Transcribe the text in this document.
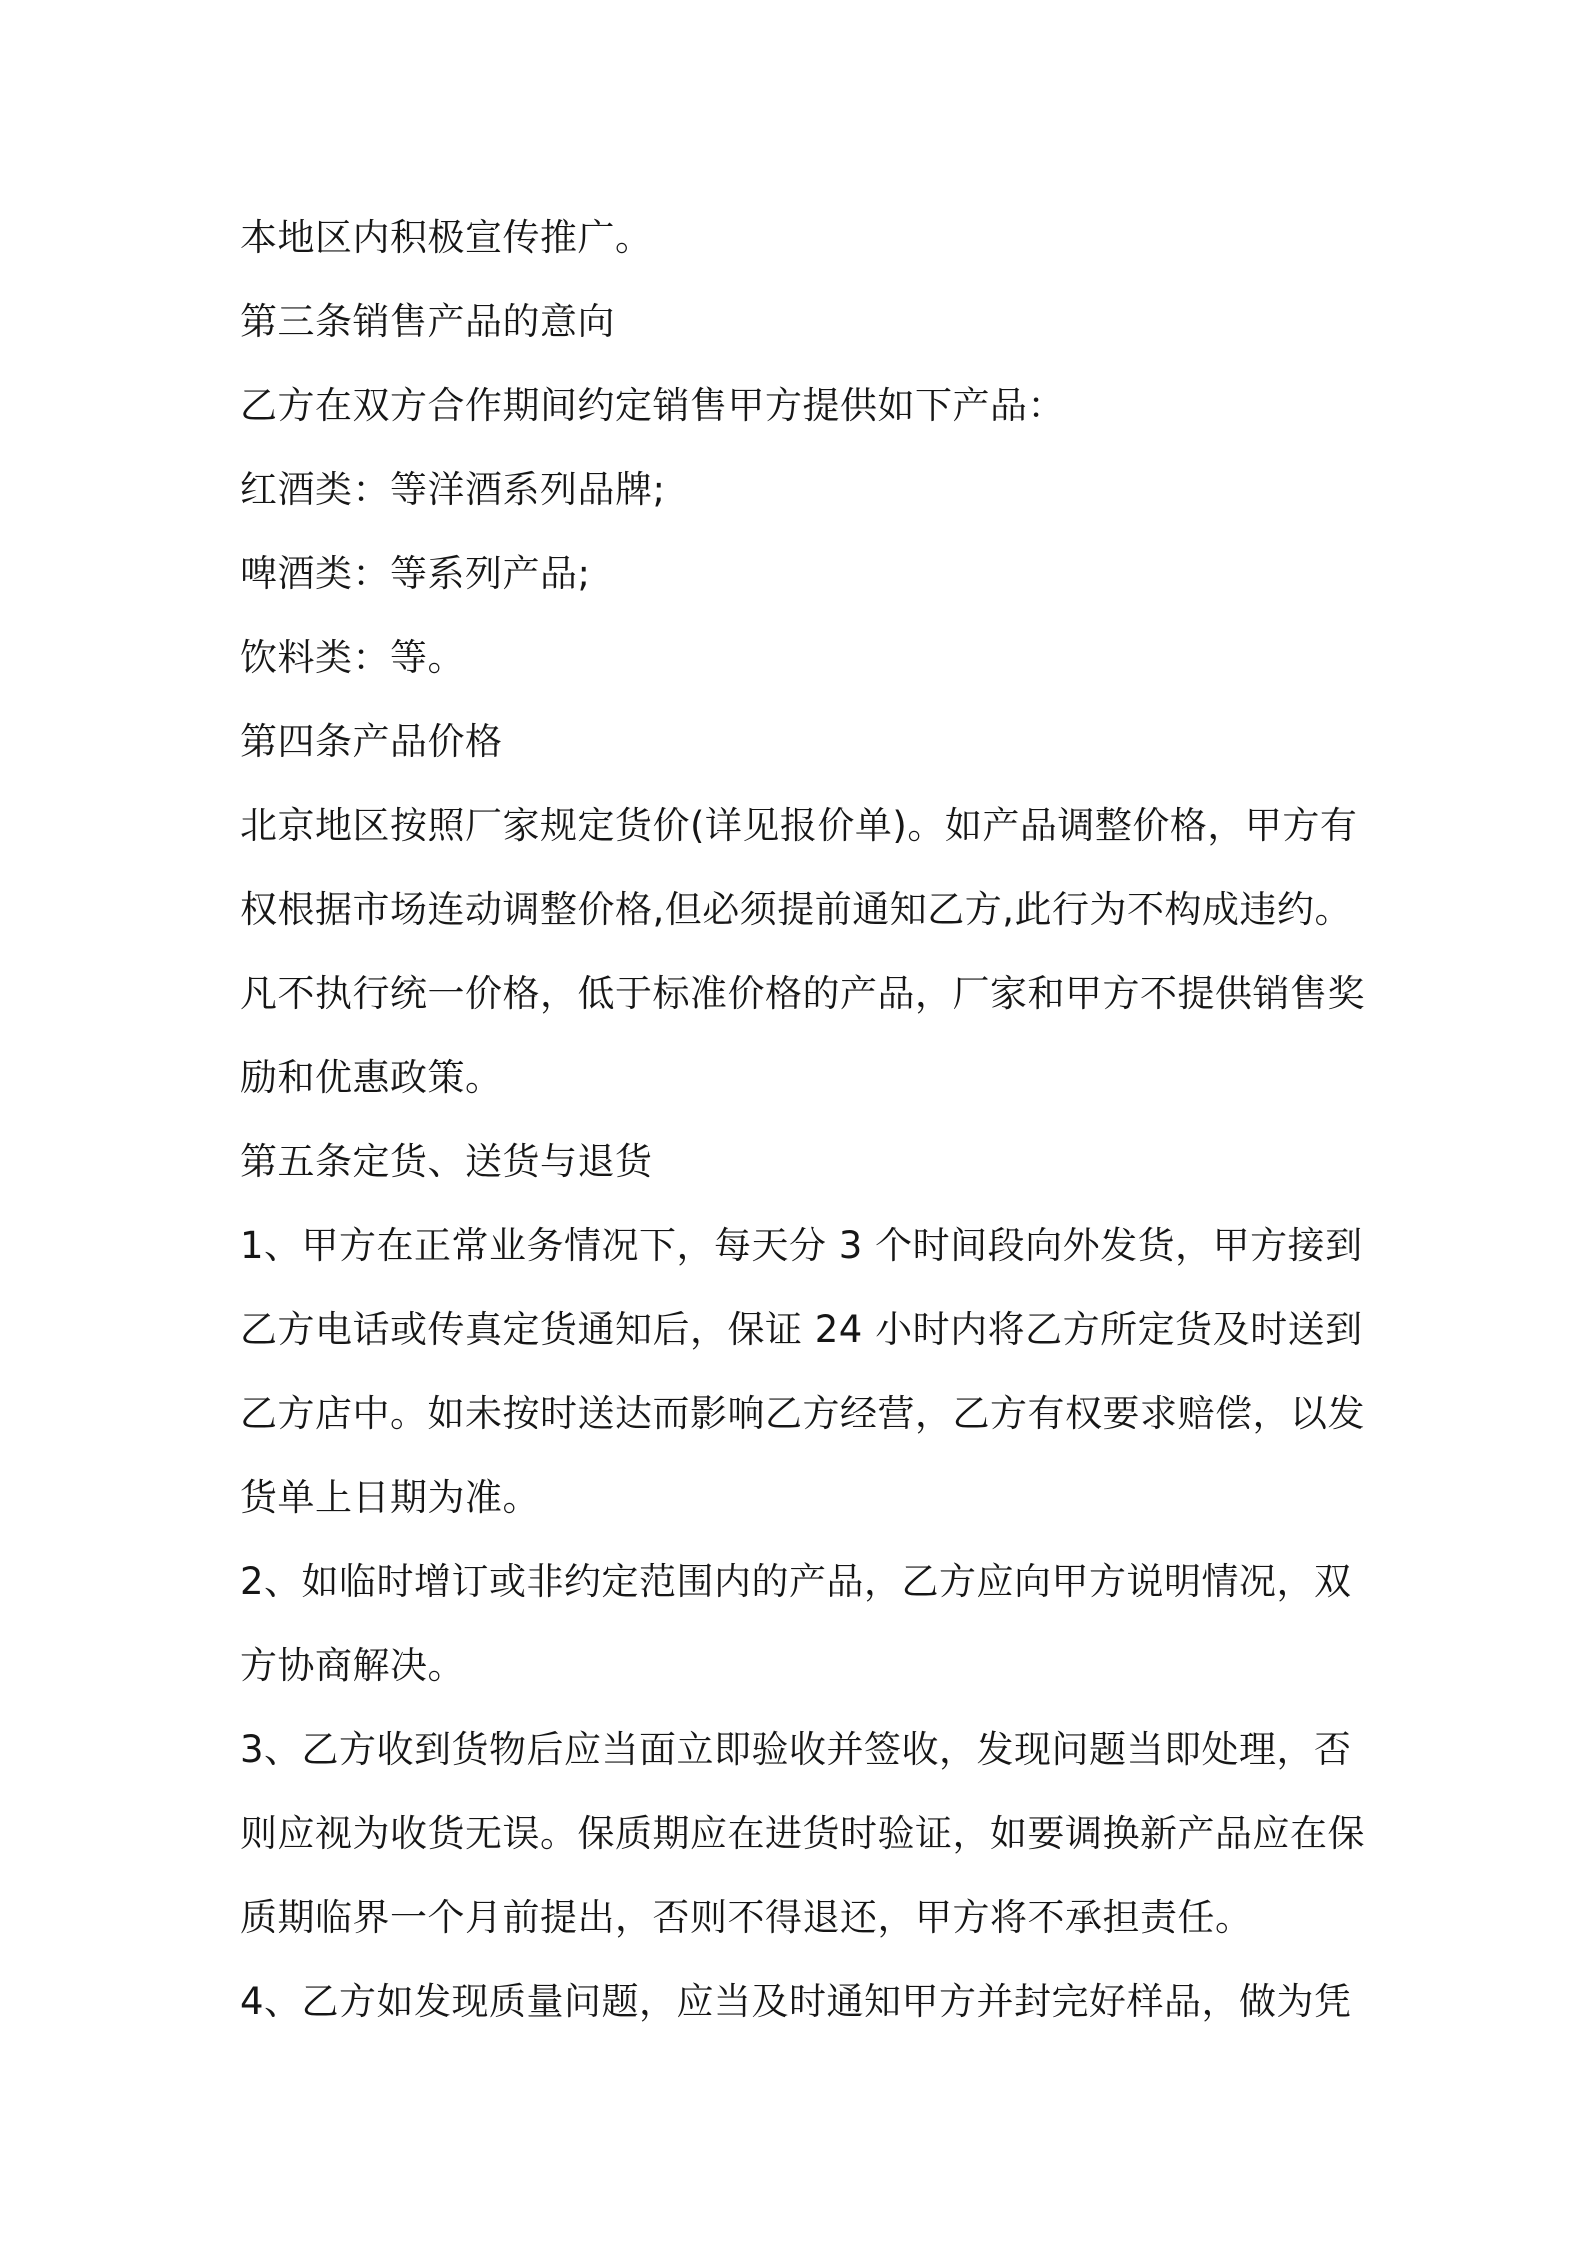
本地区内积极宣传推广。
第三条销售产品的意向
乙方在双方合作期间约定销售甲方提供如下产品：
红酒类：等洋酒系列品牌;
啤酒类：等系列产品;
饮料类：等。
第四条产品价格
北京地区按照厂家规定货价(详见报价单)。如产品调整价格，甲方有
权根据市场连动调整价格,但必须提前通知乙方,此行为不构成违约。
凡不执行统一价格，低于标准价格的产品，厂家和甲方不提供销售奖
励和优惠政策。
第五条定货、送货与退货
1、甲方在正常业务情况下，每天分 3 个时间段向外发货，甲方接到
乙方电话或传真定货通知后，保证 24 小时内将乙方所定货及时送到
乙方店中。如未按时送达而影响乙方经营，乙方有权要求赔偿，以发
货单上日期为准。
2、如临时增订或非约定范围内的产品，乙方应向甲方说明情况，双
方协商解决。
3、乙方收到货物后应当面立即验收并签收，发现问题当即处理，否
则应视为收货无误。保质期应在进货时验证，如要调换新产品应在保
质期临界一个月前提出，否则不得退还，甲方将不承担责任。
4、乙方如发现质量问题，应当及时通知甲方并封完好样品，做为凭
